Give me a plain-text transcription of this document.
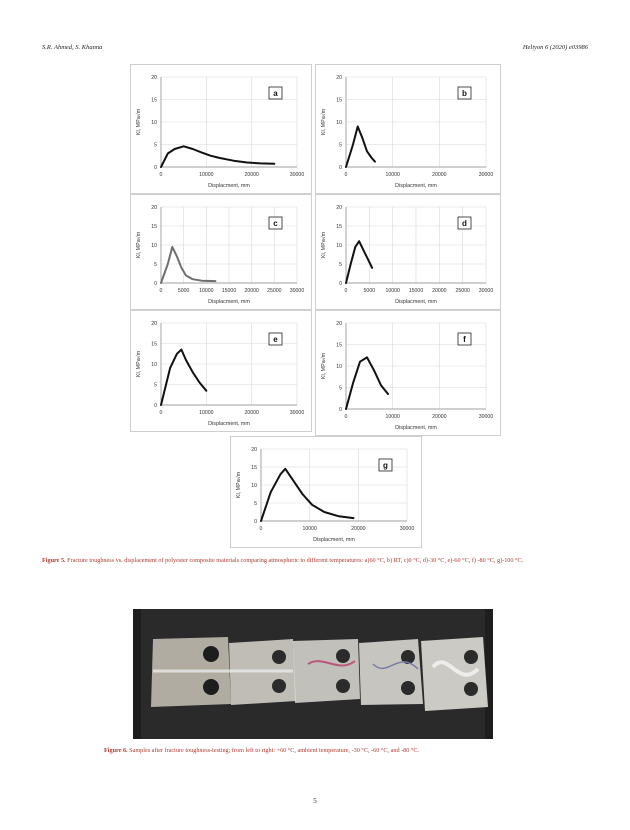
S.R. Ahmed, S. Khanna	Heliyon 6 (2020) e03986
0	10000	20000	30000
0
5
10
15
20
Displacment, mm
Kl, MPa√m
a
0	10000	20000	30000
0
5
10
15
20
Displacment, mm
Kl, MPa√m
b
0	5000 10000 15000 20000 25000 30000
0
5
10
15
20
Displacment, mm
Kl, MPa√m
c
0	5000 10000 15000 20000 25000 30000
0
5
10
15
20
Displacment, mm
Kl, MPa√m
d
0	10000	20000	30000
0
5
10
15
20
Displacment, mm
Kl, MPa√m
e
0	10000	20000	30000
0
5
10
15
20
Displacment, mm
Kl, MPa√m
f
0	10000	20000	30000
0
5
10
15
20
Displacment, mm
Kl, MPa√m
g
Figure 5. Fracture toughness vs. displacement of polyester composite materials comparing atmospheric to different temperatures: a)60 °C, b) RT, c)0 °C, d)-30 °C, e)-60 °C, f) -80 °C, g)-100 °C.
Figure 6. Samples after fracture toughness-testing; from left to right: +60 °C, ambient temperature, -30 °C, -60 °C, and -80 °C.
5
